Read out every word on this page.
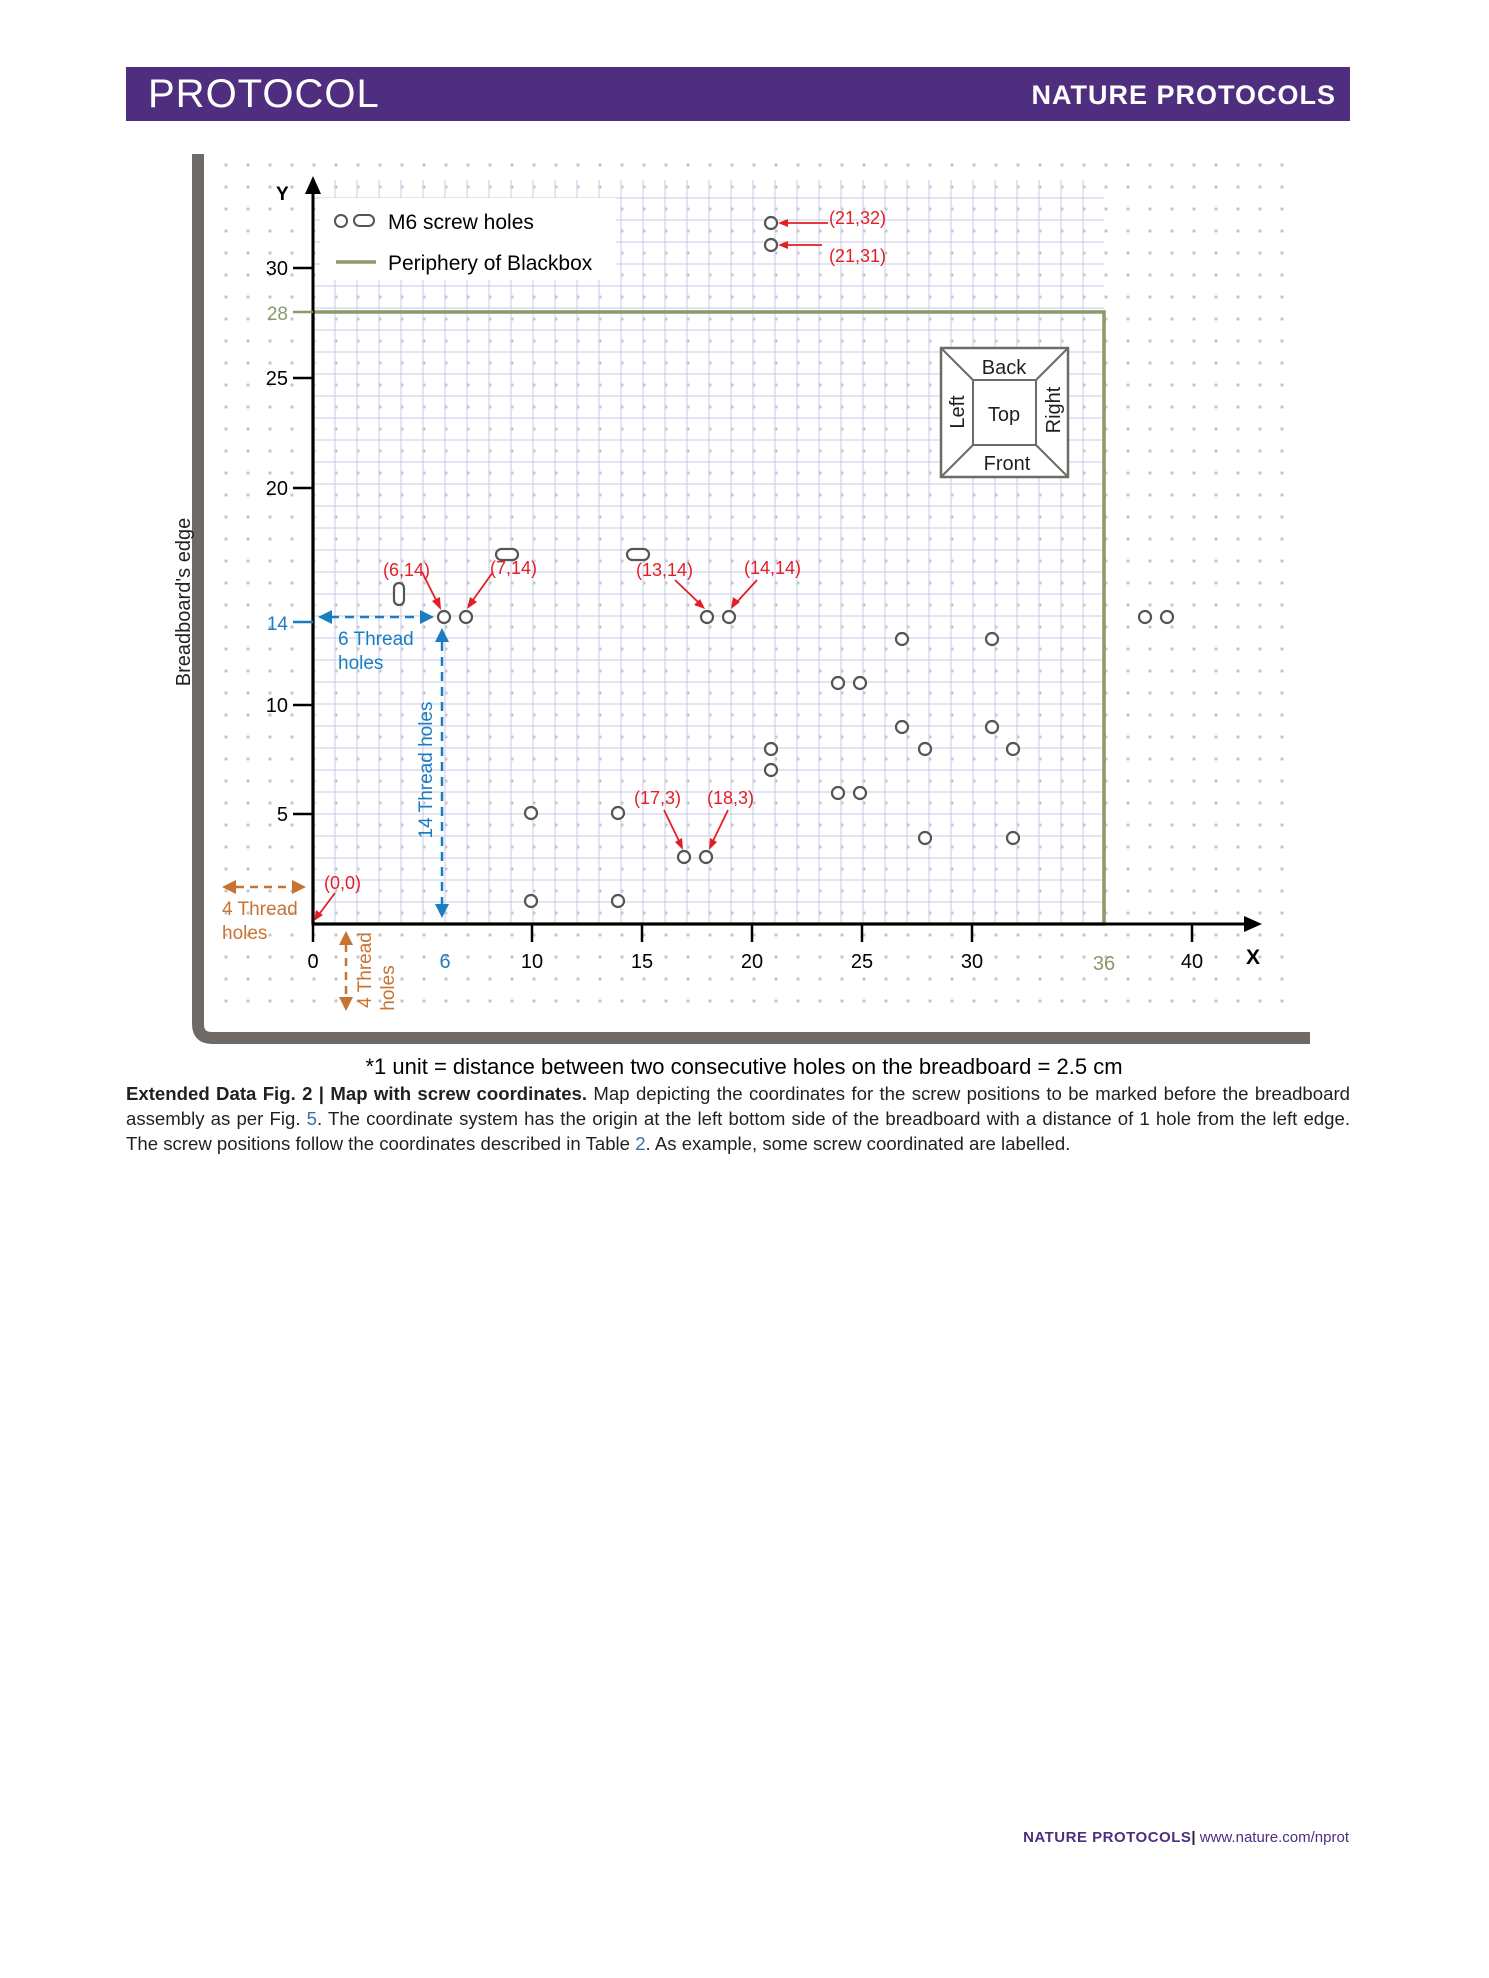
PROTOCOL	NATURE PROTOCOLS
Breadboard's edge
X
Y
0	10	15	20	25	30	40
6	36
30
25
20
10
5
28
14
M6 screw holes
Periphery of Blackbox
Back
Top
Front
Left	Right
6 Thread
holes
14 Thread holes
4 Thread
holes	4 Thread holes
(21,32)
(21,31)
(6,14)	(7,14)	(13,14)	(14,14)
(17,3) (18,3)
(0,0)
*1 unit = distance between two consecutive holes on the breadboard = 2.5 cm
Extended Data Fig. 2 | Map with screw coordinates. Map depicting the coordinates for the screw positions to be marked before the breadboard assembly as per Fig. 5. The coordinate system has the origin at the left bottom side of the breadboard with a distance of 1 hole from the left edge. The screw positions follow the coordinates described in Table 2. As example, some screw coordinated are labelled.
NATURE PROTOCOLS| www.nature.com/nprot
